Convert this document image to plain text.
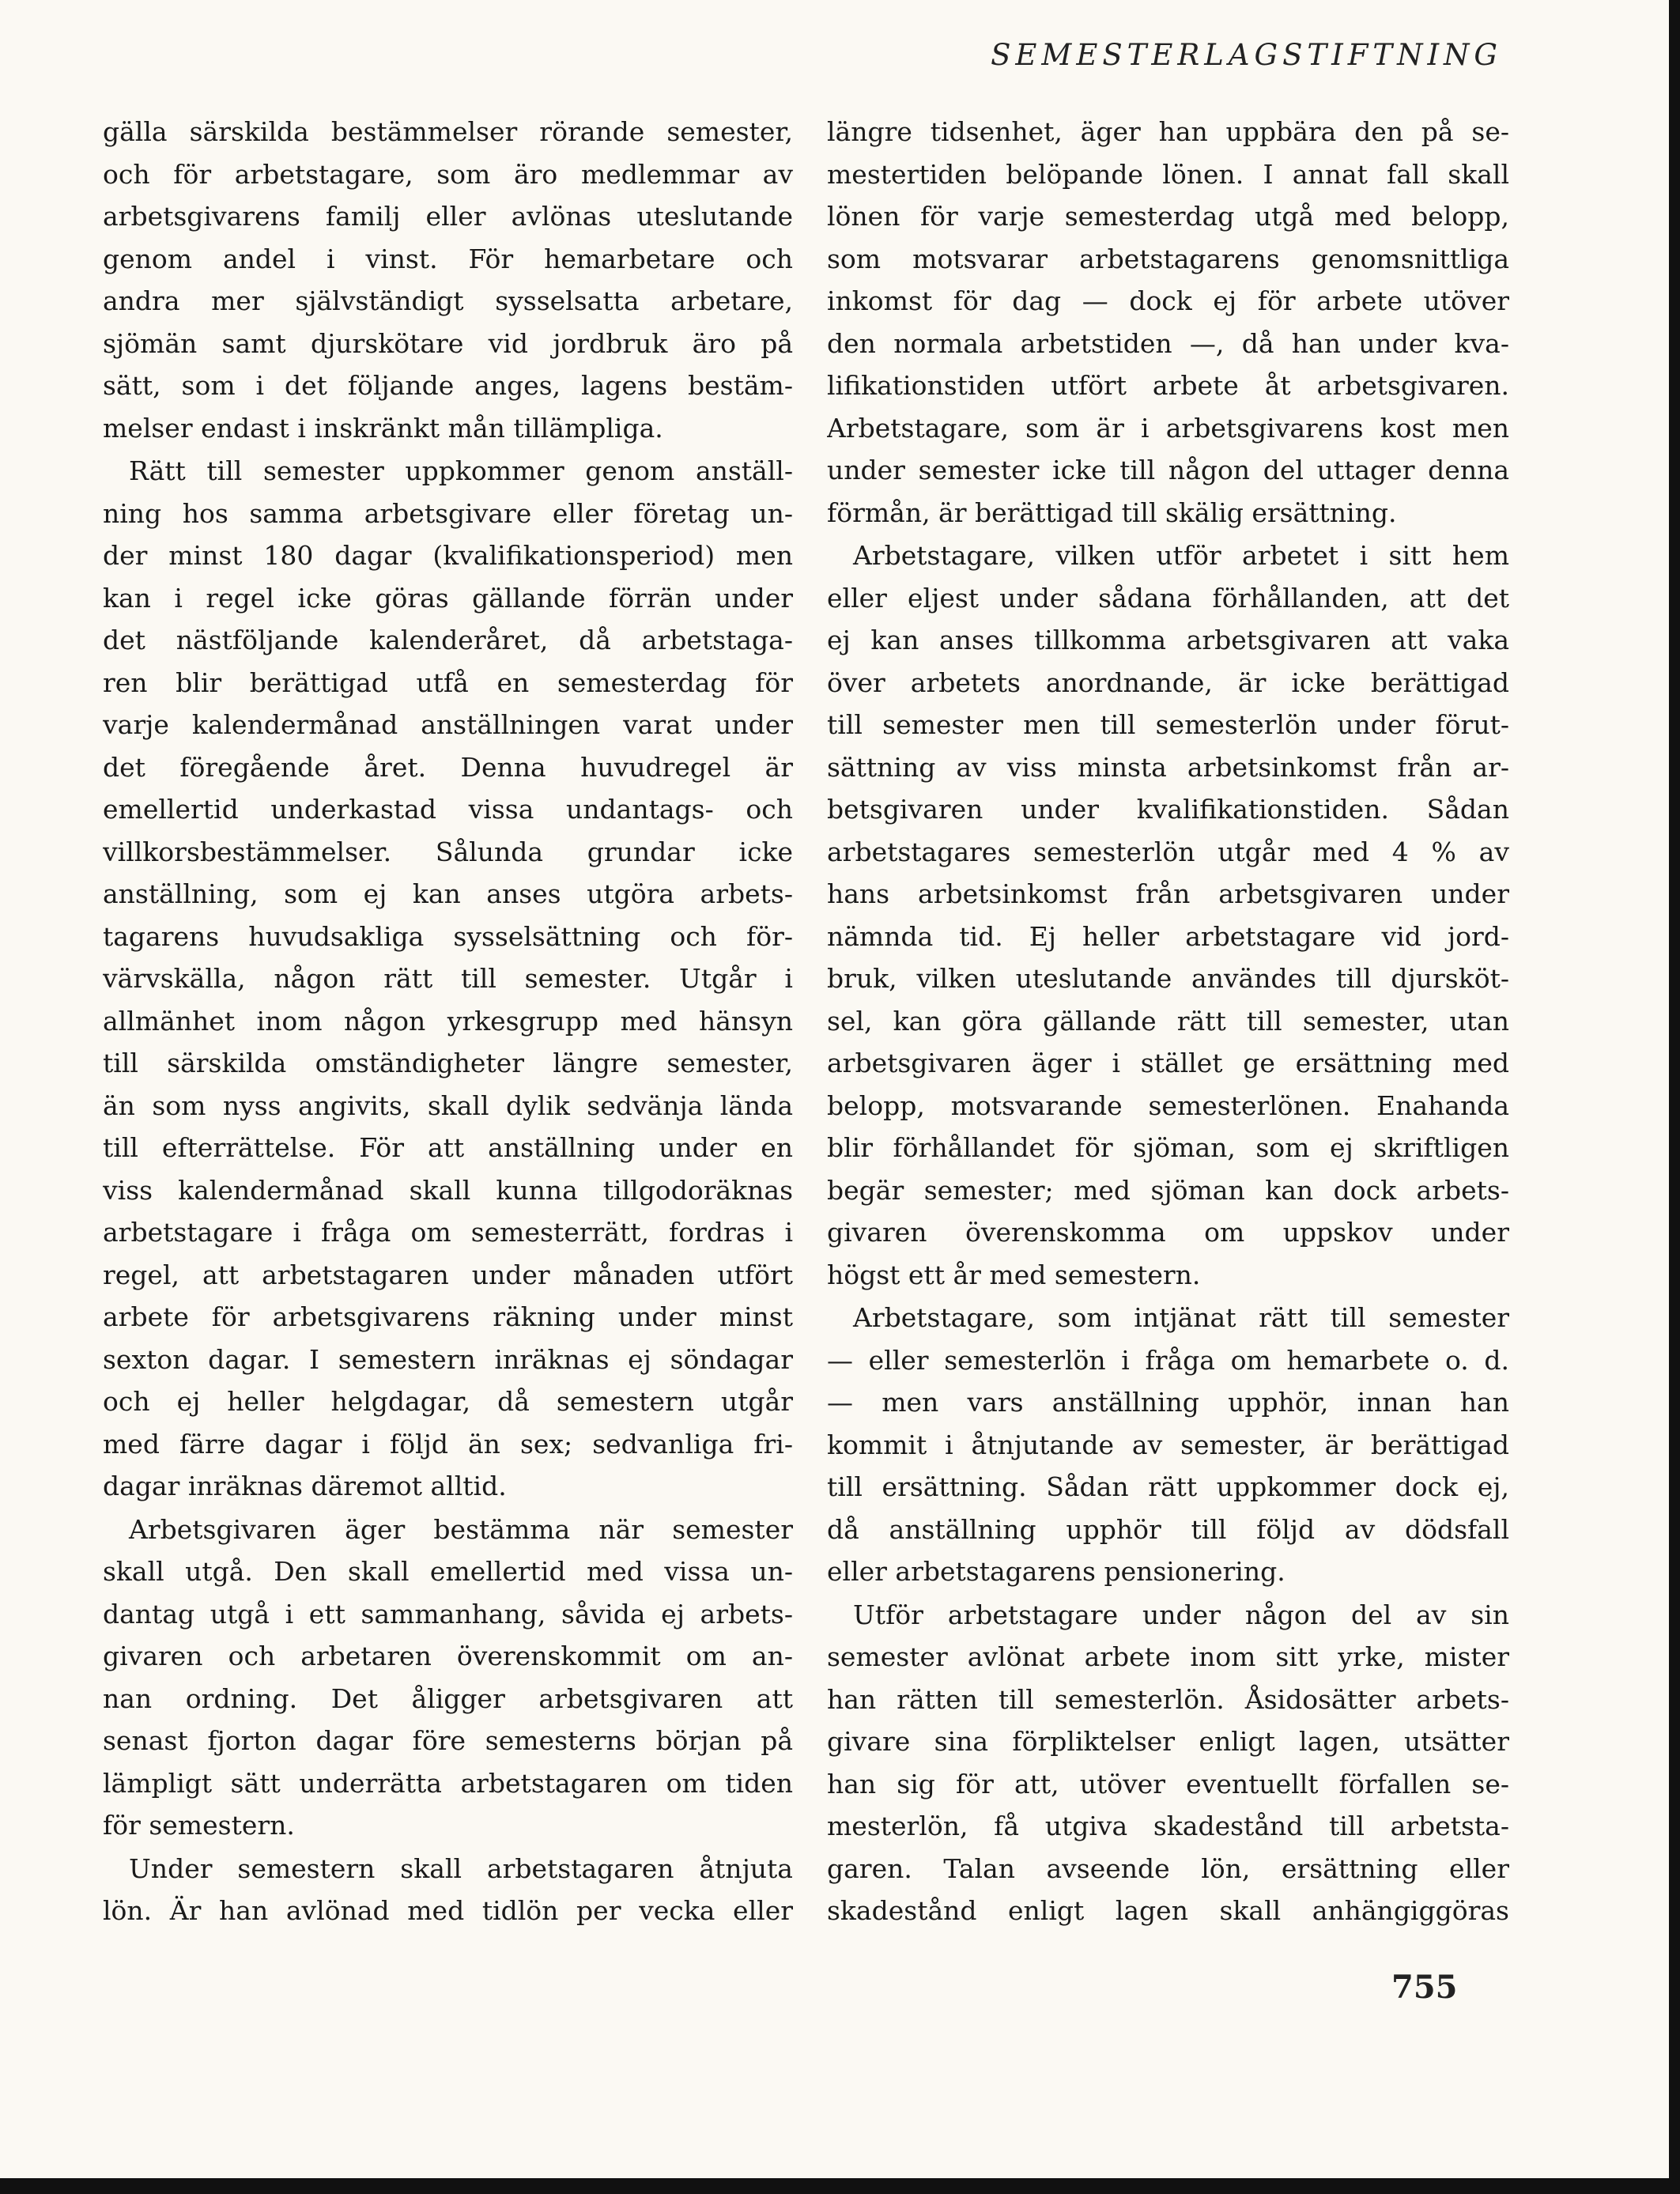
SEMESTERLAGSTIFTNING
gälla särskilda bestämmelser rörande semester,
och för arbetstagare, som äro medlemmar av
arbetsgivarens familj eller avlönas uteslutande
genom andel i vinst. För hemarbetare och
andra mer självständigt sysselsatta arbetare,
sjömän samt djurskötare vid jordbruk äro på
sätt, som i det följande anges, lagens bestäm-
melser endast i inskränkt mån tillämpliga.
Rätt till semester uppkommer genom anställ-
ning hos samma arbetsgivare eller företag un-
der minst 180 dagar (kvalifikationsperiod) men
kan i regel icke göras gällande förrän under
det nästföljande kalenderåret, då arbetstaga-
ren blir berättigad utfå en semesterdag för
varje kalendermånad anställningen varat under
det föregående året. Denna huvudregel är
emellertid underkastad vissa undantags- och
villkorsbestämmelser. Sålunda grundar icke
anställning, som ej kan anses utgöra arbets-
tagarens huvudsakliga sysselsättning och för-
värvskälla, någon rätt till semester. Utgår i
allmänhet inom någon yrkesgrupp med hänsyn
till särskilda omständigheter längre semester,
än som nyss angivits, skall dylik sedvänja lända
till efterrättelse. För att anställning under en
viss kalendermånad skall kunna tillgodoräknas
arbetstagare i fråga om semesterrätt, fordras i
regel, att arbetstagaren under månaden utfört
arbete för arbetsgivarens räkning under minst
sexton dagar. I semestern inräknas ej söndagar
och ej heller helgdagar, då semestern utgår
med färre dagar i följd än sex; sedvanliga fri-
dagar inräknas däremot alltid.
Arbetsgivaren äger bestämma när semester
skall utgå. Den skall emellertid med vissa un-
dantag utgå i ett sammanhang, såvida ej arbets-
givaren och arbetaren överenskommit om an-
nan ordning. Det åligger arbetsgivaren att
senast fjorton dagar före semesterns början på
lämpligt sätt underrätta arbetstagaren om tiden
för semestern.
Under semestern skall arbetstagaren åtnjuta
lön. Är han avlönad med tidlön per vecka eller
längre tidsenhet, äger han uppbära den på se-
mestertiden belöpande lönen. I annat fall skall
lönen för varje semesterdag utgå med belopp,
som motsvarar arbetstagarens genomsnittliga
inkomst för dag — dock ej för arbete utöver
den normala arbetstiden —, då han under kva-
lifikationstiden utfört arbete åt arbetsgivaren.
Arbetstagare, som är i arbetsgivarens kost men
under semester icke till någon del uttager denna
förmån, är berättigad till skälig ersättning.
Arbetstagare, vilken utför arbetet i sitt hem
eller eljest under sådana förhållanden, att det
ej kan anses tillkomma arbetsgivaren att vaka
över arbetets anordnande, är icke berättigad
till semester men till semesterlön under förut-
sättning av viss minsta arbetsinkomst från ar-
betsgivaren under kvalifikationstiden. Sådan
arbetstagares semesterlön utgår med 4 % av
hans arbetsinkomst från arbetsgivaren under
nämnda tid. Ej heller arbetstagare vid jord-
bruk, vilken uteslutande användes till djursköt-
sel, kan göra gällande rätt till semester, utan
arbetsgivaren äger i stället ge ersättning med
belopp, motsvarande semesterlönen. Enahanda
blir förhållandet för sjöman, som ej skriftligen
begär semester; med sjöman kan dock arbets-
givaren överenskomma om uppskov under
högst ett år med semestern.
Arbetstagare, som intjänat rätt till semester
— eller semesterlön i fråga om hemarbete o. d.
— men vars anställning upphör, innan han
kommit i åtnjutande av semester, är berättigad
till ersättning. Sådan rätt uppkommer dock ej,
då anställning upphör till följd av dödsfall
eller arbetstagarens pensionering.
Utför arbetstagare under någon del av sin
semester avlönat arbete inom sitt yrke, mister
han rätten till semesterlön. Åsidosätter arbets-
givare sina förpliktelser enligt lagen, utsätter
han sig för att, utöver eventuellt förfallen se-
mesterlön, få utgiva skadestånd till arbetsta-
garen. Talan avseende lön, ersättning eller
skadestånd enligt lagen skall anhängiggöras
755
